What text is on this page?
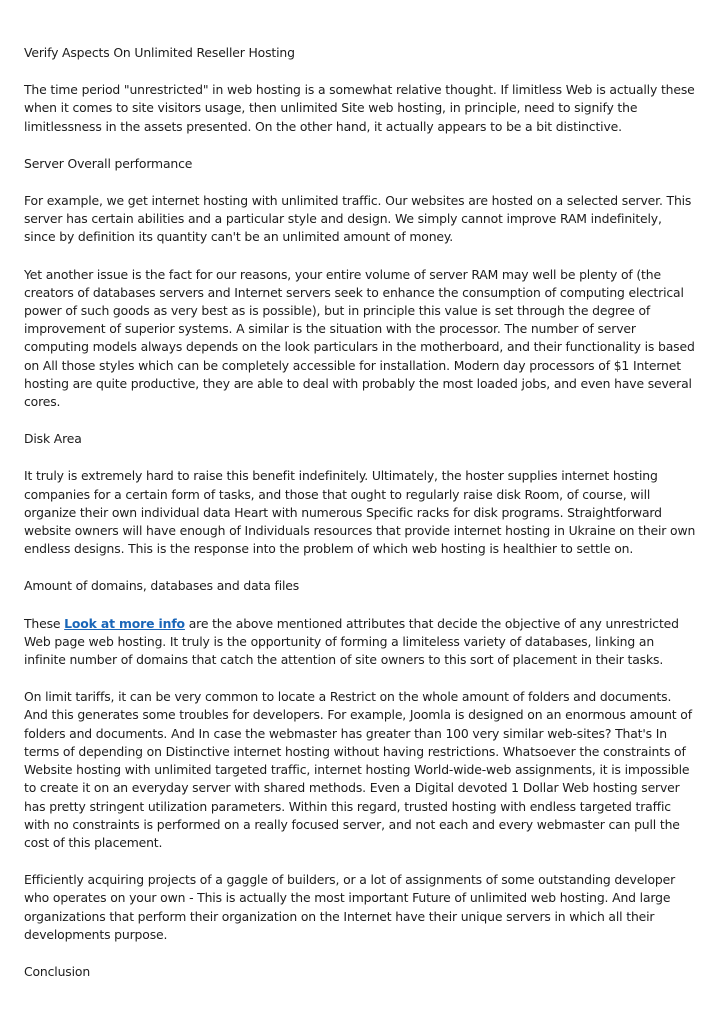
Verify Aspects On Unlimited Reseller Hosting

The time period "unrestricted" in web hosting is a somewhat relative thought. If limitless Web is actually these when it comes to site visitors usage, then unlimited Site web hosting, in principle, need to signify the limitlessness in the assets presented. On the other hand, it actually appears to be a bit distinctive.

Server Overall performance

For example, we get internet hosting with unlimited traffic. Our websites are hosted on a selected server. This server has certain abilities and a particular style and design. We simply cannot improve RAM indefinitely, since by definition its quantity can't be an unlimited amount of money.

Yet another issue is the fact for our reasons, your entire volume of server RAM may well be plenty of (the creators of databases servers and Internet servers seek to enhance the consumption of computing electrical power of such goods as very best as is possible), but in principle this value is set through the degree of improvement of superior systems. A similar is the situation with the processor. The number of server computing models always depends on the look particulars in the motherboard, and their functionality is based on All those styles which can be completely accessible for installation. Modern day processors of $1 Internet hosting are quite productive, they are able to deal with probably the most loaded jobs, and even have several cores.

Disk Area

It truly is extremely hard to raise this benefit indefinitely. Ultimately, the hoster supplies internet hosting companies for a certain form of tasks, and those that ought to regularly raise disk Room, of course, will organize their own individual data Heart with numerous Specific racks for disk programs. Straightforward website owners will have enough of Individuals resources that provide internet hosting in Ukraine on their own endless designs. This is the response into the problem of which web hosting is healthier to settle on.

Amount of domains, databases and data files

These Look at more info are the above mentioned attributes that decide the objective of any unrestricted Web page web hosting. It truly is the opportunity of forming a limiteless variety of databases, linking an infinite number of domains that catch the attention of site owners to this sort of placement in their tasks.

On limit tariffs, it can be very common to locate a Restrict on the whole amount of folders and documents. And this generates some troubles for developers. For example, Joomla is designed on an enormous amount of folders and documents. And In case the webmaster has greater than 100 very similar web-sites? That's In terms of depending on Distinctive internet hosting without having restrictions. Whatsoever the constraints of Website hosting with unlimited targeted traffic, internet hosting World-wide-web assignments, it is impossible to create it on an everyday server with shared methods. Even a Digital devoted 1 Dollar Web hosting server has pretty stringent utilization parameters. Within this regard, trusted hosting with endless targeted traffic with no constraints is performed on a really focused server, and not each and every webmaster can pull the cost of this placement.

Efficiently acquiring projects of a gaggle of builders, or a lot of assignments of some outstanding developer who operates on your own - This is actually the most important Future of unlimited web hosting. And large organizations that perform their organization on the Internet have their unique servers in which all their developments purpose.

Conclusion
